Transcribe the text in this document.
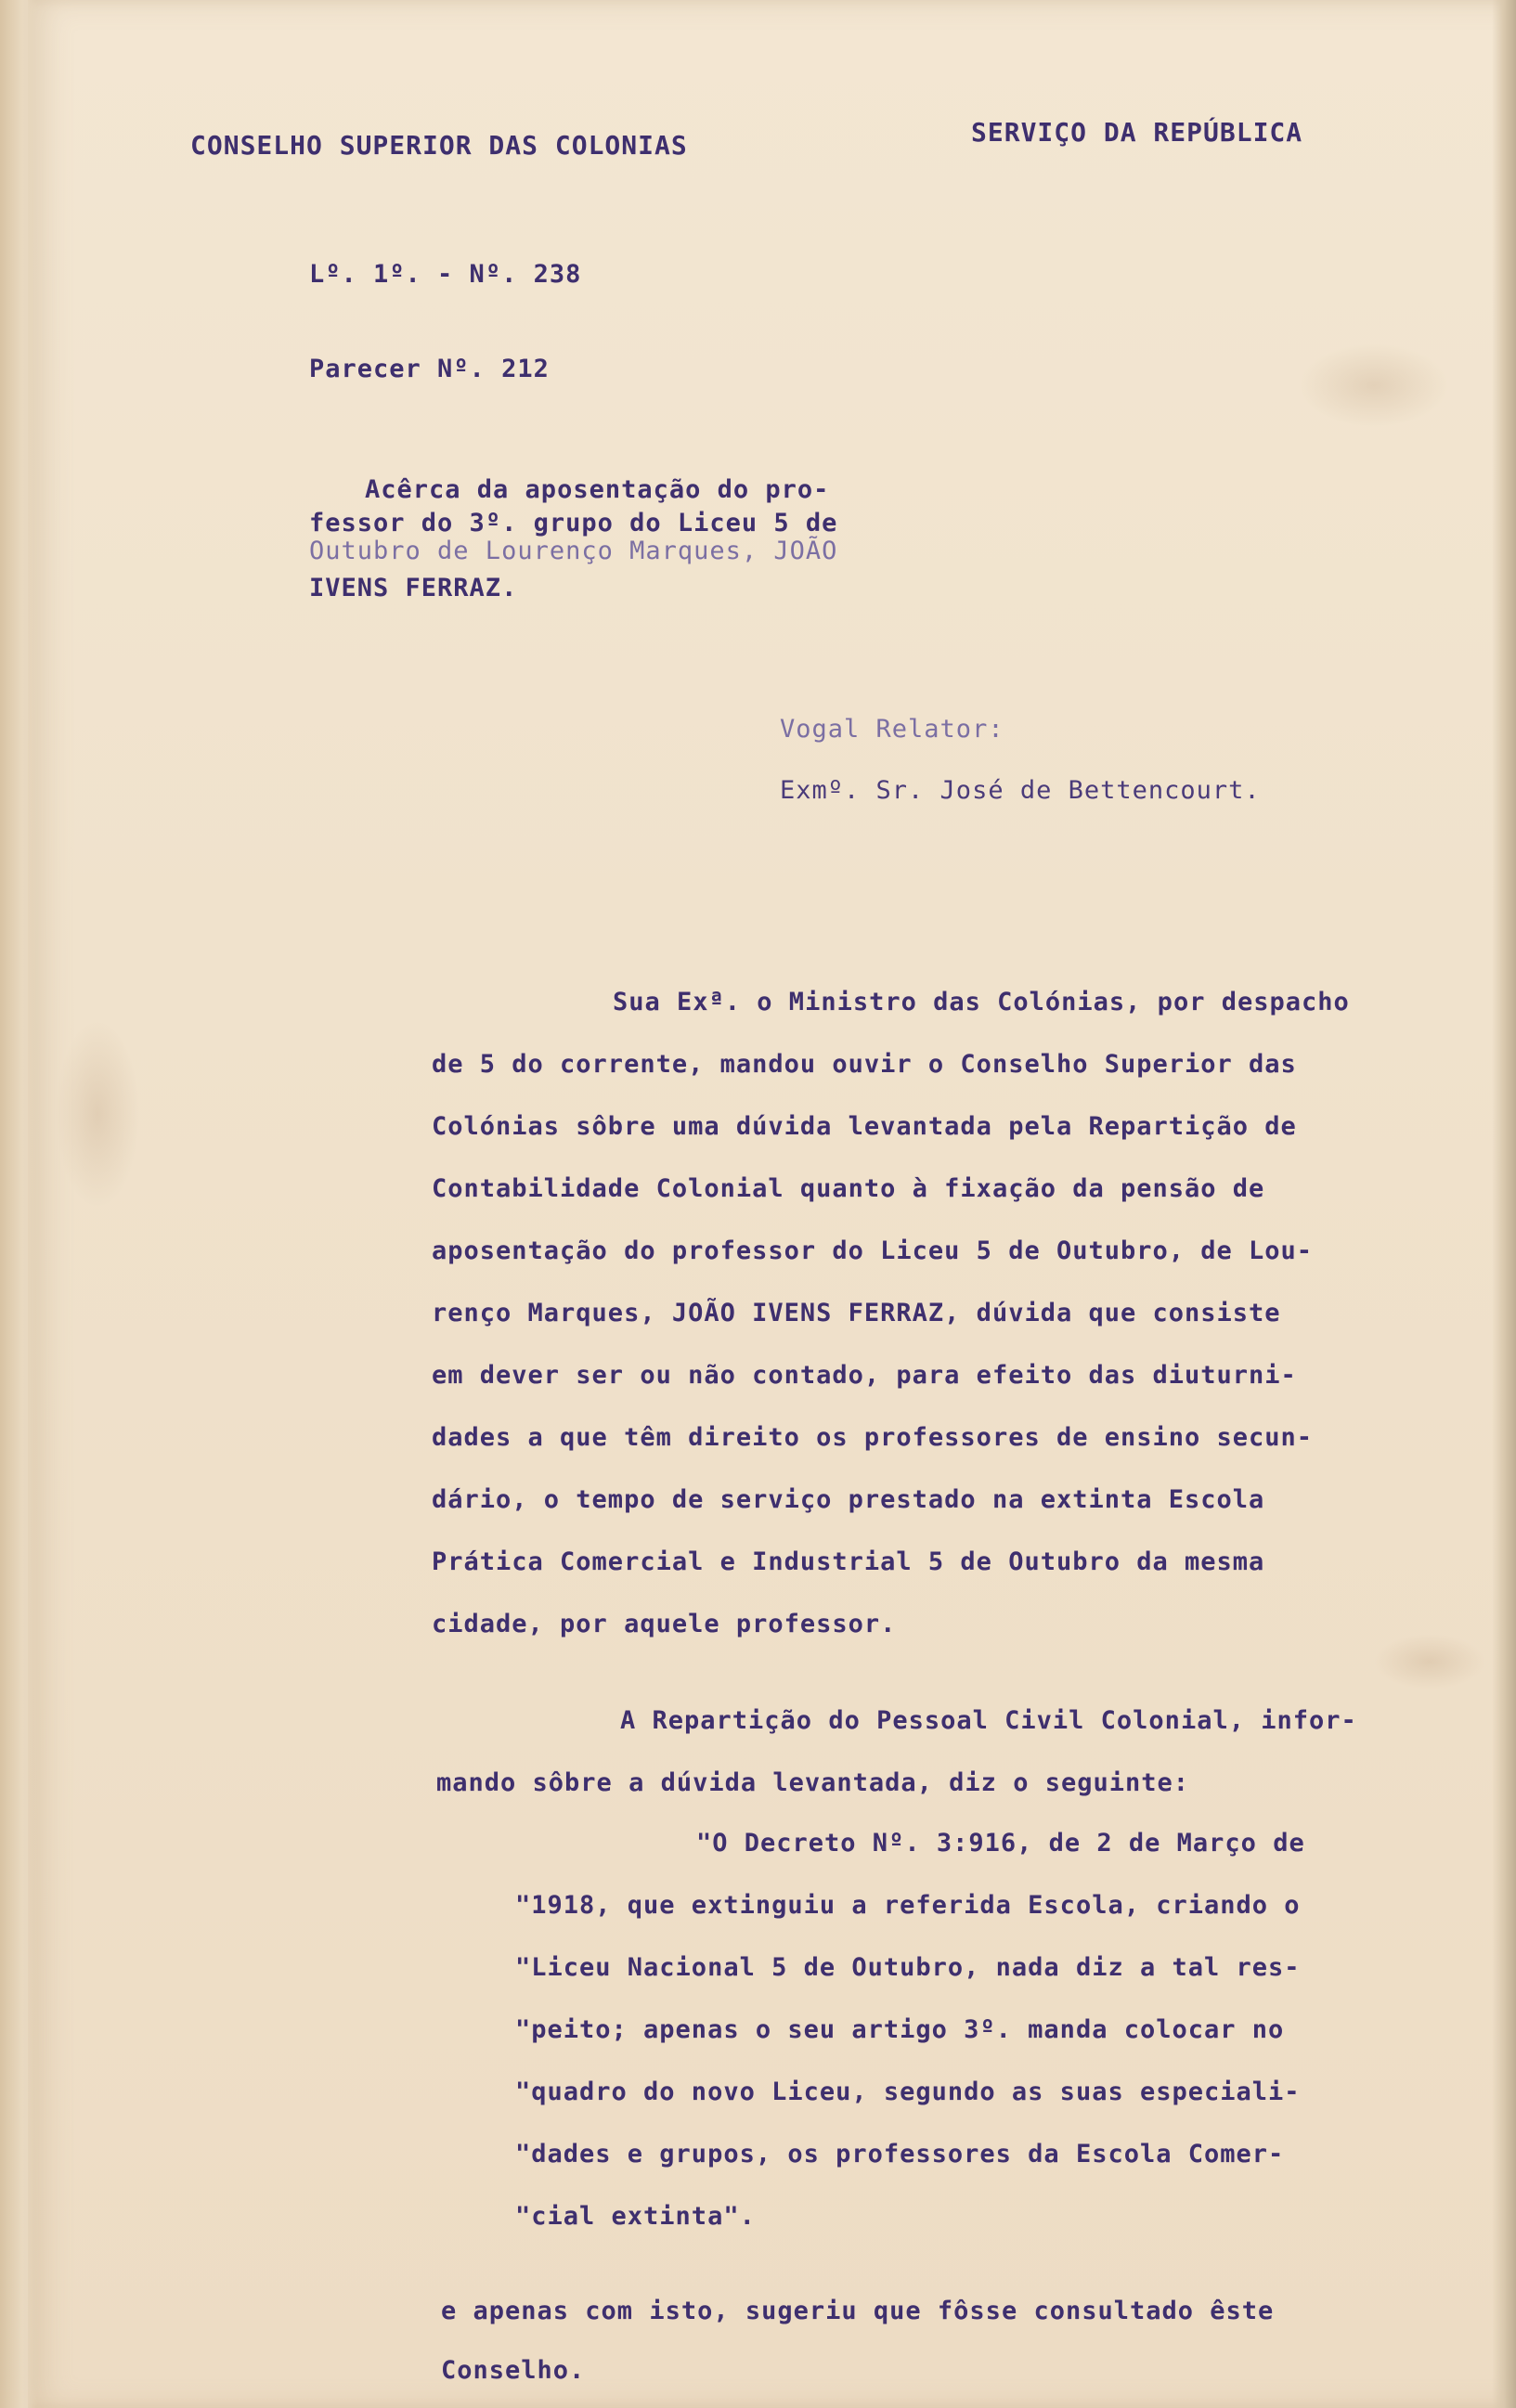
CONSELHO SUPERIOR DAS COLONIAS	SERVIÇO DA REPÚBLICA
Lº. 1º. - Nº. 238
Parecer Nº. 212
Acêrca da aposentação do pro-
fessor do 3º. grupo do Liceu 5 de
Outubro de Lourenço Marques, JOÃO
IVENS FERRAZ.
Vogal Relator:
Exmº. Sr. José de Bettencourt.
Sua Exª. o Ministro das Colónias, por despacho
de 5 do corrente, mandou ouvir o Conselho Superior das
Colónias sôbre uma dúvida levantada pela Repartição de
Contabilidade Colonial quanto à fixação da pensão de
aposentação do professor do Liceu 5 de Outubro, de Lou-
renço Marques, JOÃO IVENS FERRAZ, dúvida que consiste
em dever ser ou não contado, para efeito das diuturni-
dades a que têm direito os professores de ensino secun-
dário, o tempo de serviço prestado na extinta Escola
Prática Comercial e Industrial 5 de Outubro da mesma
cidade, por aquele professor.
A Repartição do Pessoal Civil Colonial, infor-
mando sôbre a dúvida levantada, diz o seguinte:
"O Decreto Nº. 3:916, de 2 de Março de
"1918, que extinguiu a referida Escola, criando o
"Liceu Nacional 5 de Outubro, nada diz a tal res-
"peito; apenas o seu artigo 3º. manda colocar no
"quadro do novo Liceu, segundo as suas especiali-
"dades e grupos, os professores da Escola Comer-
"cial extinta".
e apenas com isto, sugeriu que fôsse consultado êste
Conselho.
